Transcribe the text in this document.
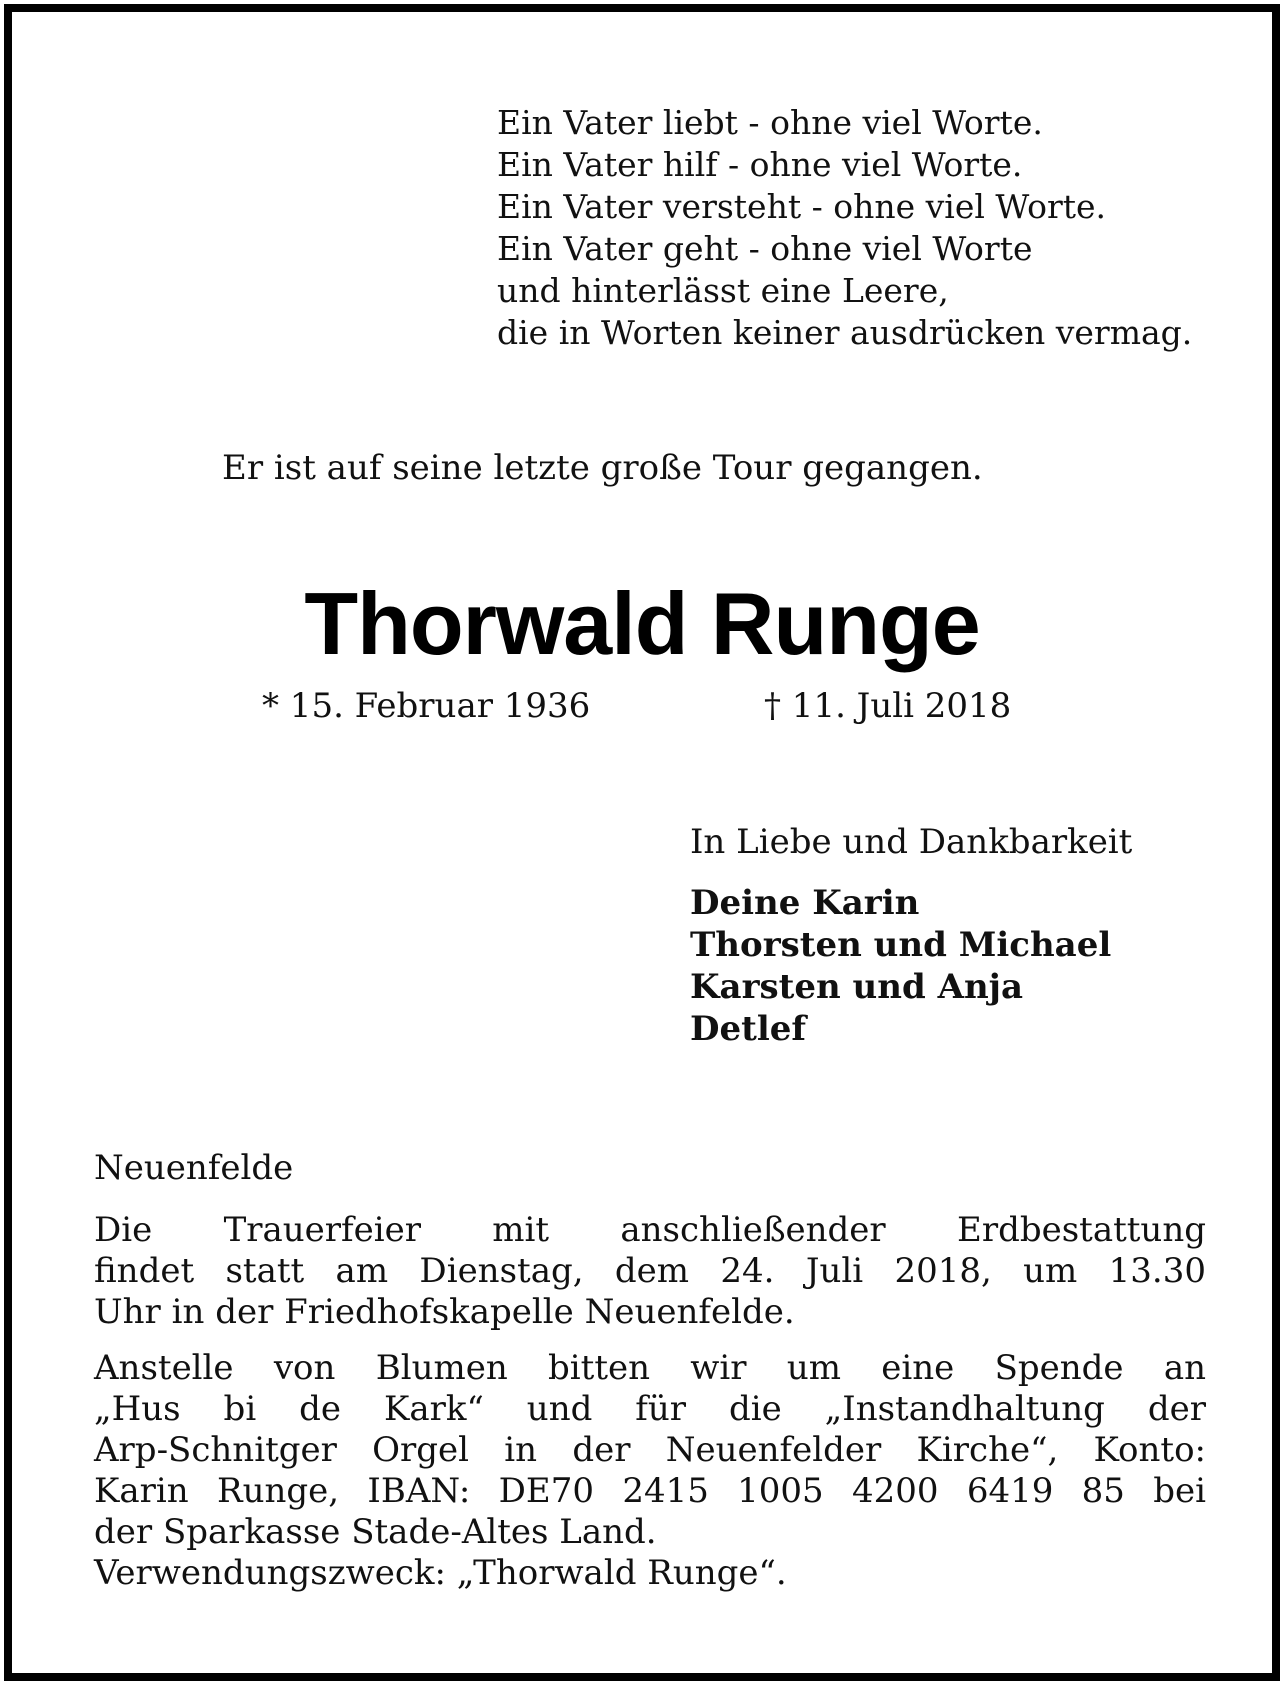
Ein Vater liebt - ohne viel Worte.
Ein Vater hilf - ohne viel Worte.
Ein Vater versteht - ohne viel Worte.
Ein Vater geht - ohne viel Worte
und hinterlässt eine Leere,
die in Worten keiner ausdrücken vermag.
Er ist auf seine letzte große Tour gegangen.
Thorwald Runge
* 15. Februar 1936	† 11. Juli 2018
In Liebe und Dankbarkeit
Deine Karin
Thorsten und Michael
Karsten und Anja
Detlef
Neuenfelde
Die Trauerfeier mit anschließender Erdbestattung
findet statt am Dienstag, dem 24. Juli 2018, um 13.30
Uhr in der Friedhofskapelle Neuenfelde.
Anstelle von Blumen bitten wir um eine Spende an
„Hus bi de Kark“ und für die „Instandhaltung der
Arp-Schnitger Orgel in der Neuenfelder Kirche“, Konto:
Karin Runge, IBAN: DE70 2415 1005 4200 6419 85 bei
der Sparkasse Stade-Altes Land.
Verwendungszweck: „Thorwald Runge“.
